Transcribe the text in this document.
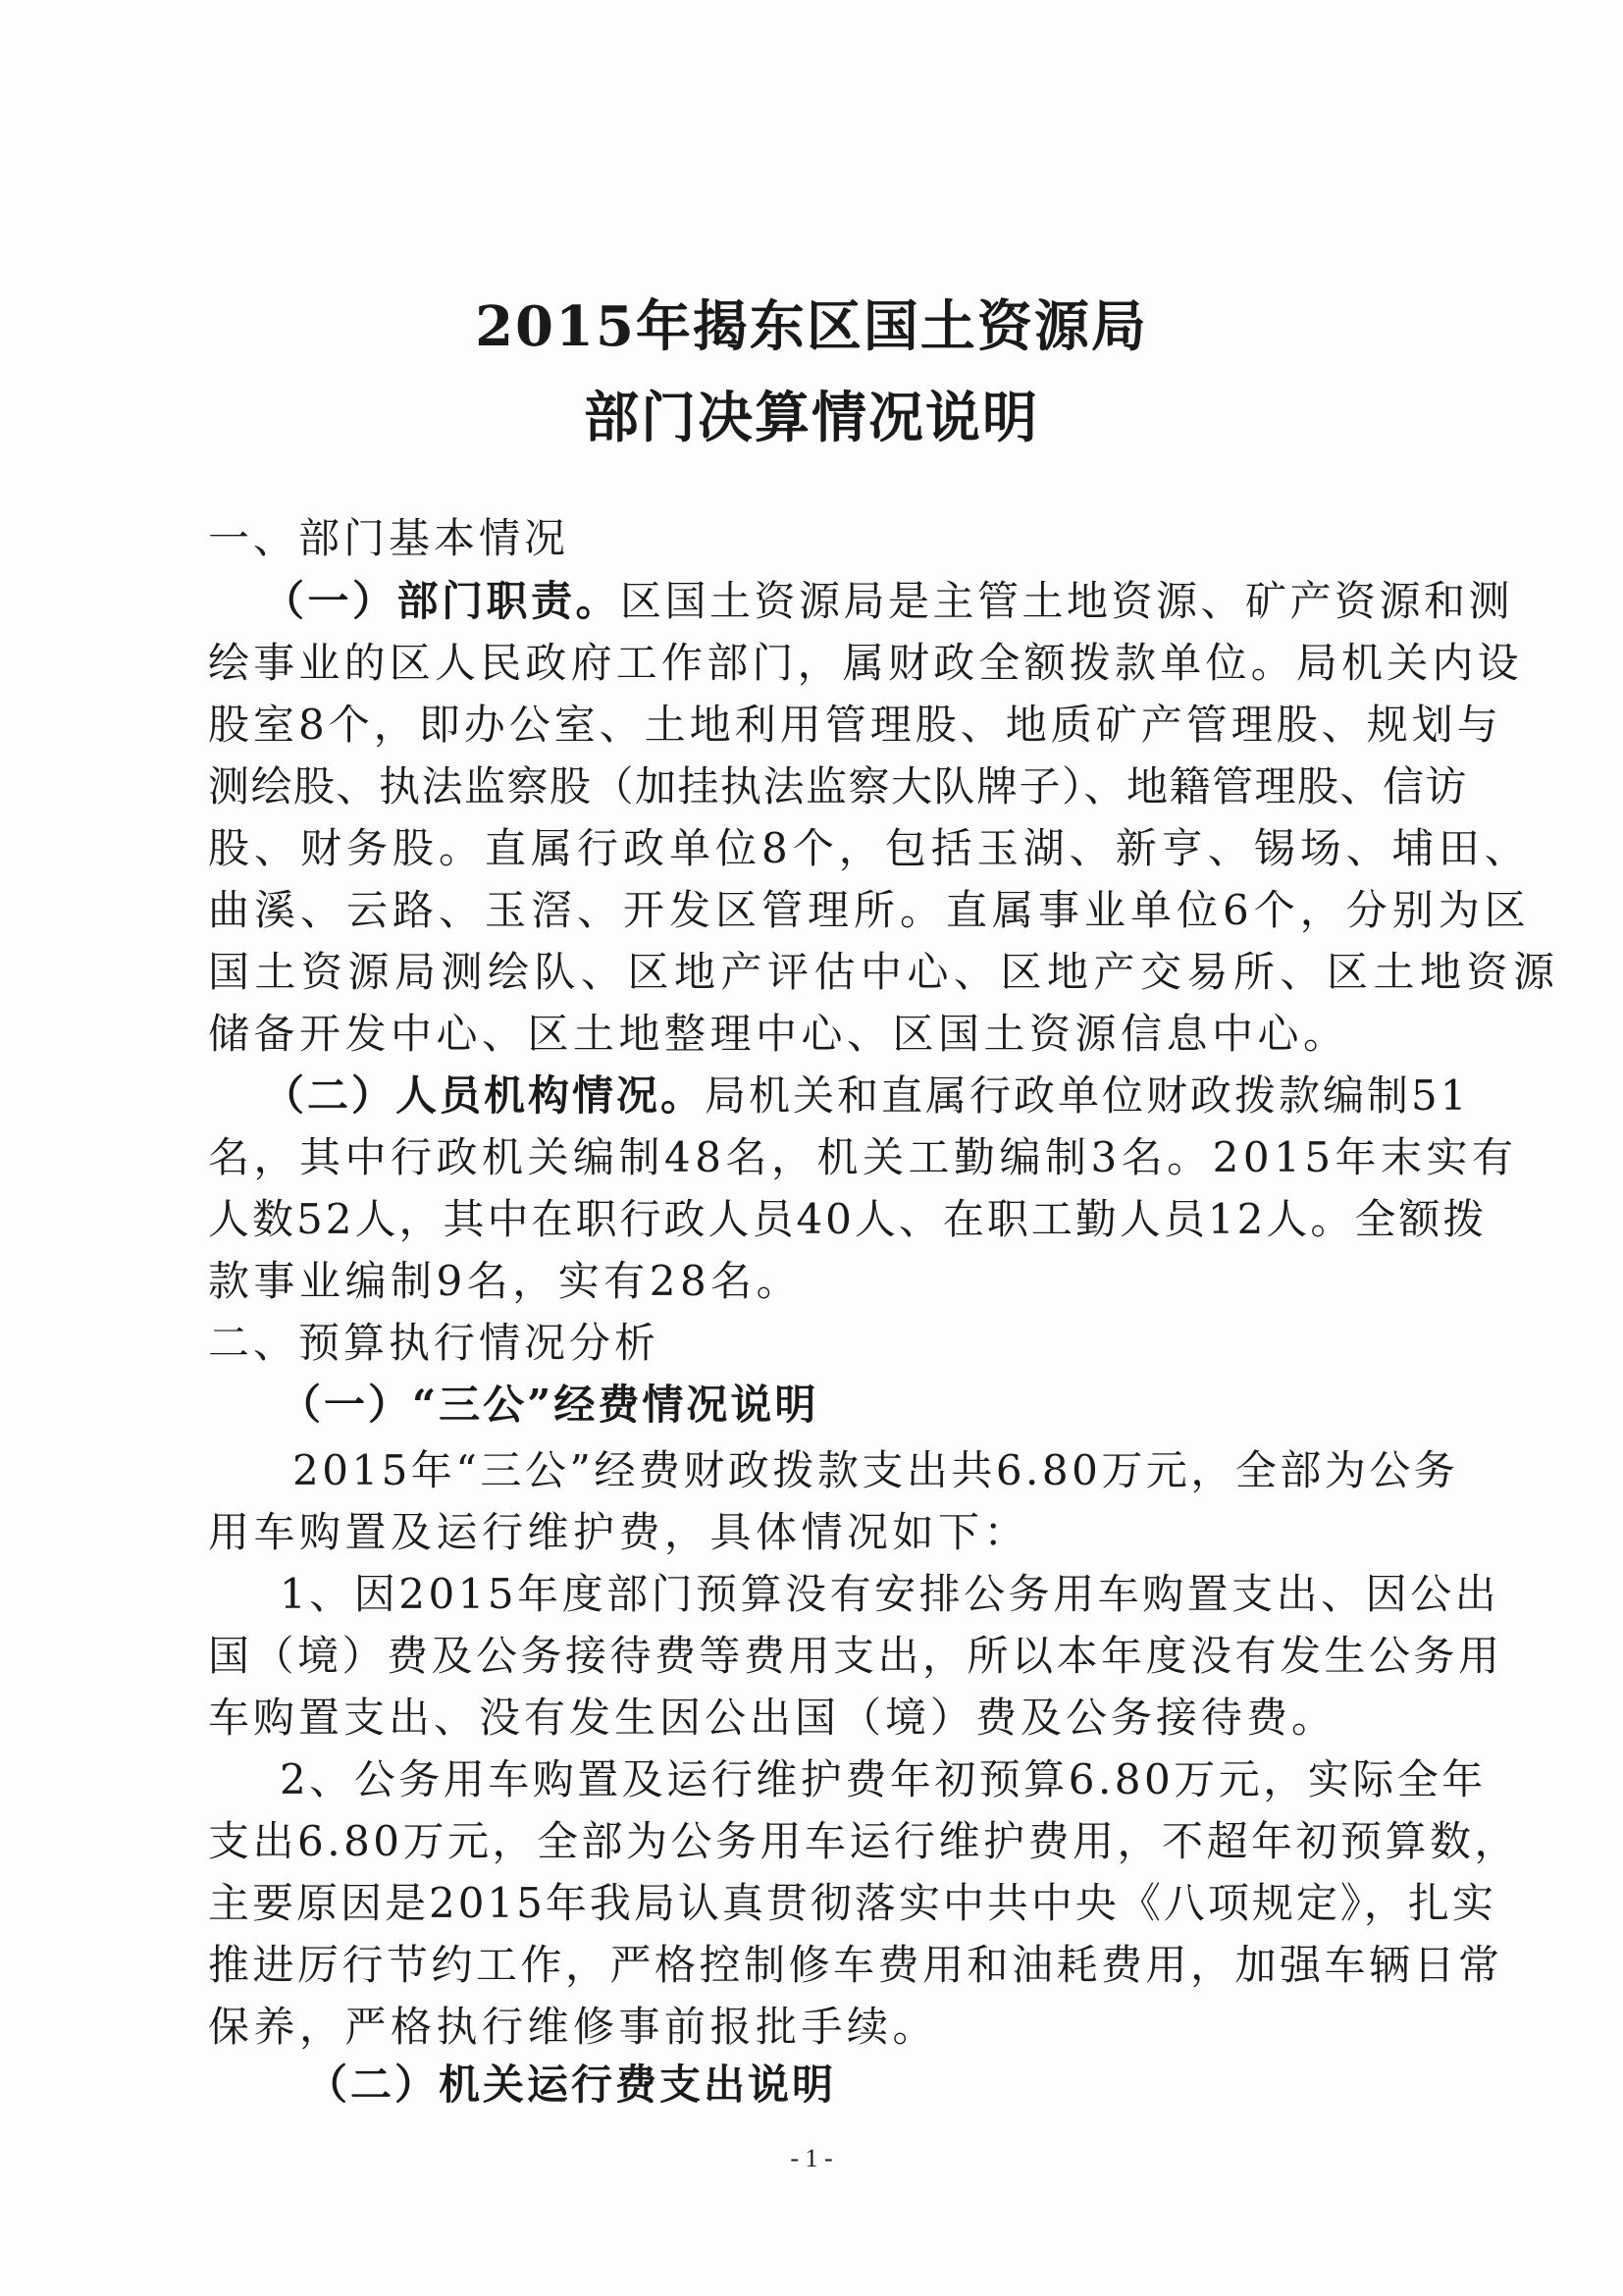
2015年揭东区国土资源局
部门决算情况说明
一、部门基本情况
（一）部门职责。区国土资源局是主管土地资源、矿产资源和测
绘事业的区人民政府工作部门，属财政全额拨款单位。局机关内设
股室8个，即办公室、土地利用管理股、地质矿产管理股、规划与
测绘股、执法监察股（加挂执法监察大队牌子）、地籍管理股、信访
股、财务股。直属行政单位8个，包括玉湖、新亨、锡场、埔田、
曲溪、云路、玉滘、开发区管理所。直属事业单位6个，分别为区
国土资源局测绘队、区地产评估中心、区地产交易所、区土地资源
储备开发中心、区土地整理中心、区国土资源信息中心。
（二）人员机构情况。局机关和直属行政单位财政拨款编制51
名，其中行政机关编制48名，机关工勤编制3名。2015年末实有
人数52人，其中在职行政人员40人、在职工勤人员12人。全额拨
款事业编制9名，实有28名。
二、预算执行情况分析
（一）“三公”经费情况说明
2015年“三公”经费财政拨款支出共6.80万元，全部为公务
用车购置及运行维护费，具体情况如下：
1、因2015年度部门预算没有安排公务用车购置支出、因公出
国（境）费及公务接待费等费用支出，所以本年度没有发生公务用
车购置支出、没有发生因公出国（境）费及公务接待费。
2、公务用车购置及运行维护费年初预算6.80万元，实际全年
支出6.80万元，全部为公务用车运行维护费用，不超年初预算数，
主要原因是2015年我局认真贯彻落实中共中央《八项规定》，扎实
推进厉行节约工作，严格控制修车费用和油耗费用，加强车辆日常
保养，严格执行维修事前报批手续。
（二）机关运行费支出说明
- 1 -
